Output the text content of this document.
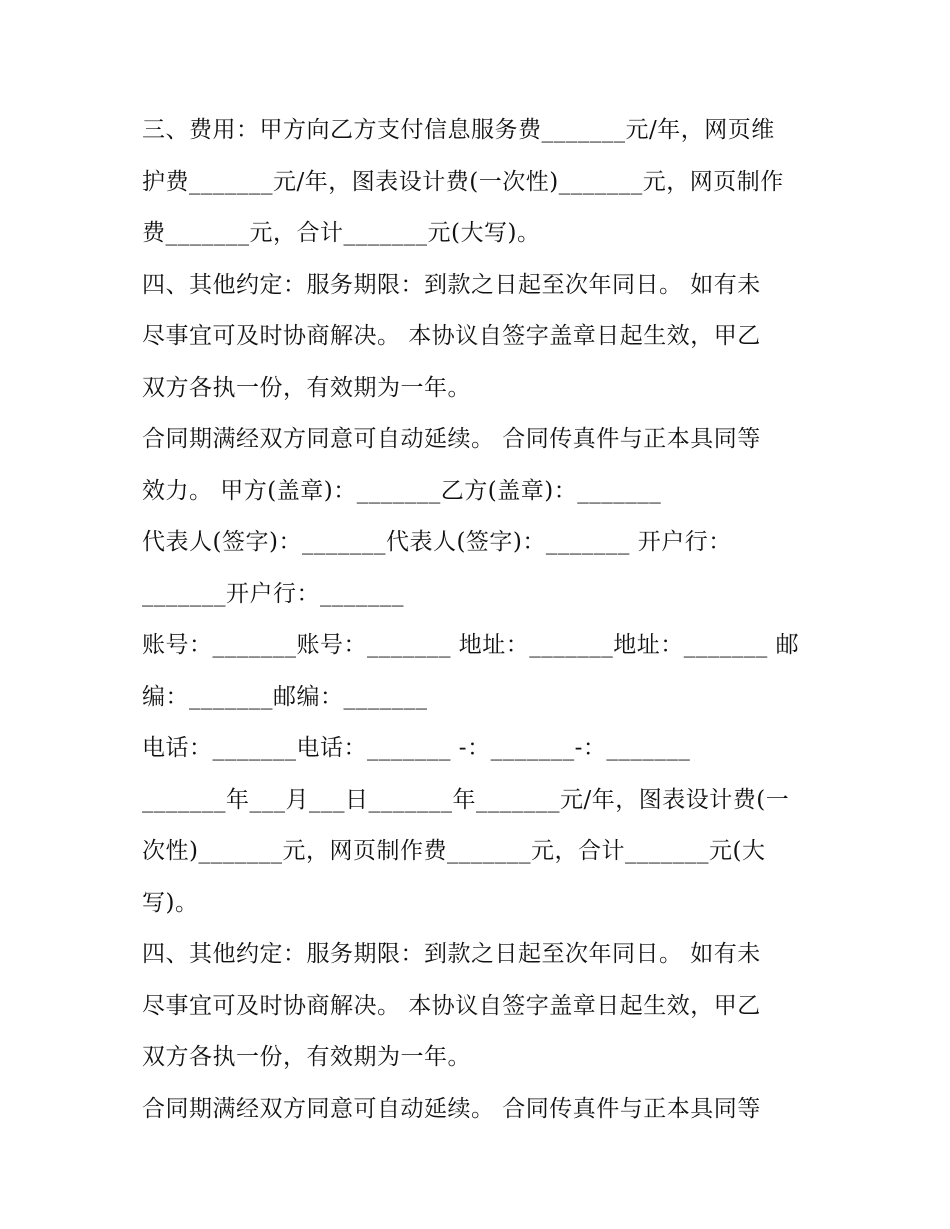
三、费用：甲方向乙方支付信息服务费_______元/年，网页维
护费_______元/年，图表设计费(一次性)_______元，网页制作
费_______元，合计_______元(大写)。
四、其他约定：服务期限：到款之日起至次年同日。 如有未
尽事宜可及时协商解决。 本协议自签字盖章日起生效，甲乙
双方各执一份，有效期为一年。
合同期满经双方同意可自动延续。 合同传真件与正本具同等
效力。 甲方(盖章)：_______乙方(盖章)：_______
代表人(签字)：_______代表人(签字)：_______ 开户行：
_______开户行：_______
账号：_______账号：_______ 地址：_______地址：_______ 邮
编：_______邮编：_______
电话：_______电话：_______ -：_______-：_______
_______年___月___日_______年_______元/年，图表设计费(一
次性)_______元，网页制作费_______元，合计_______元(大
写)。
四、其他约定：服务期限：到款之日起至次年同日。 如有未
尽事宜可及时协商解决。 本协议自签字盖章日起生效，甲乙
双方各执一份，有效期为一年。
合同期满经双方同意可自动延续。 合同传真件与正本具同等
